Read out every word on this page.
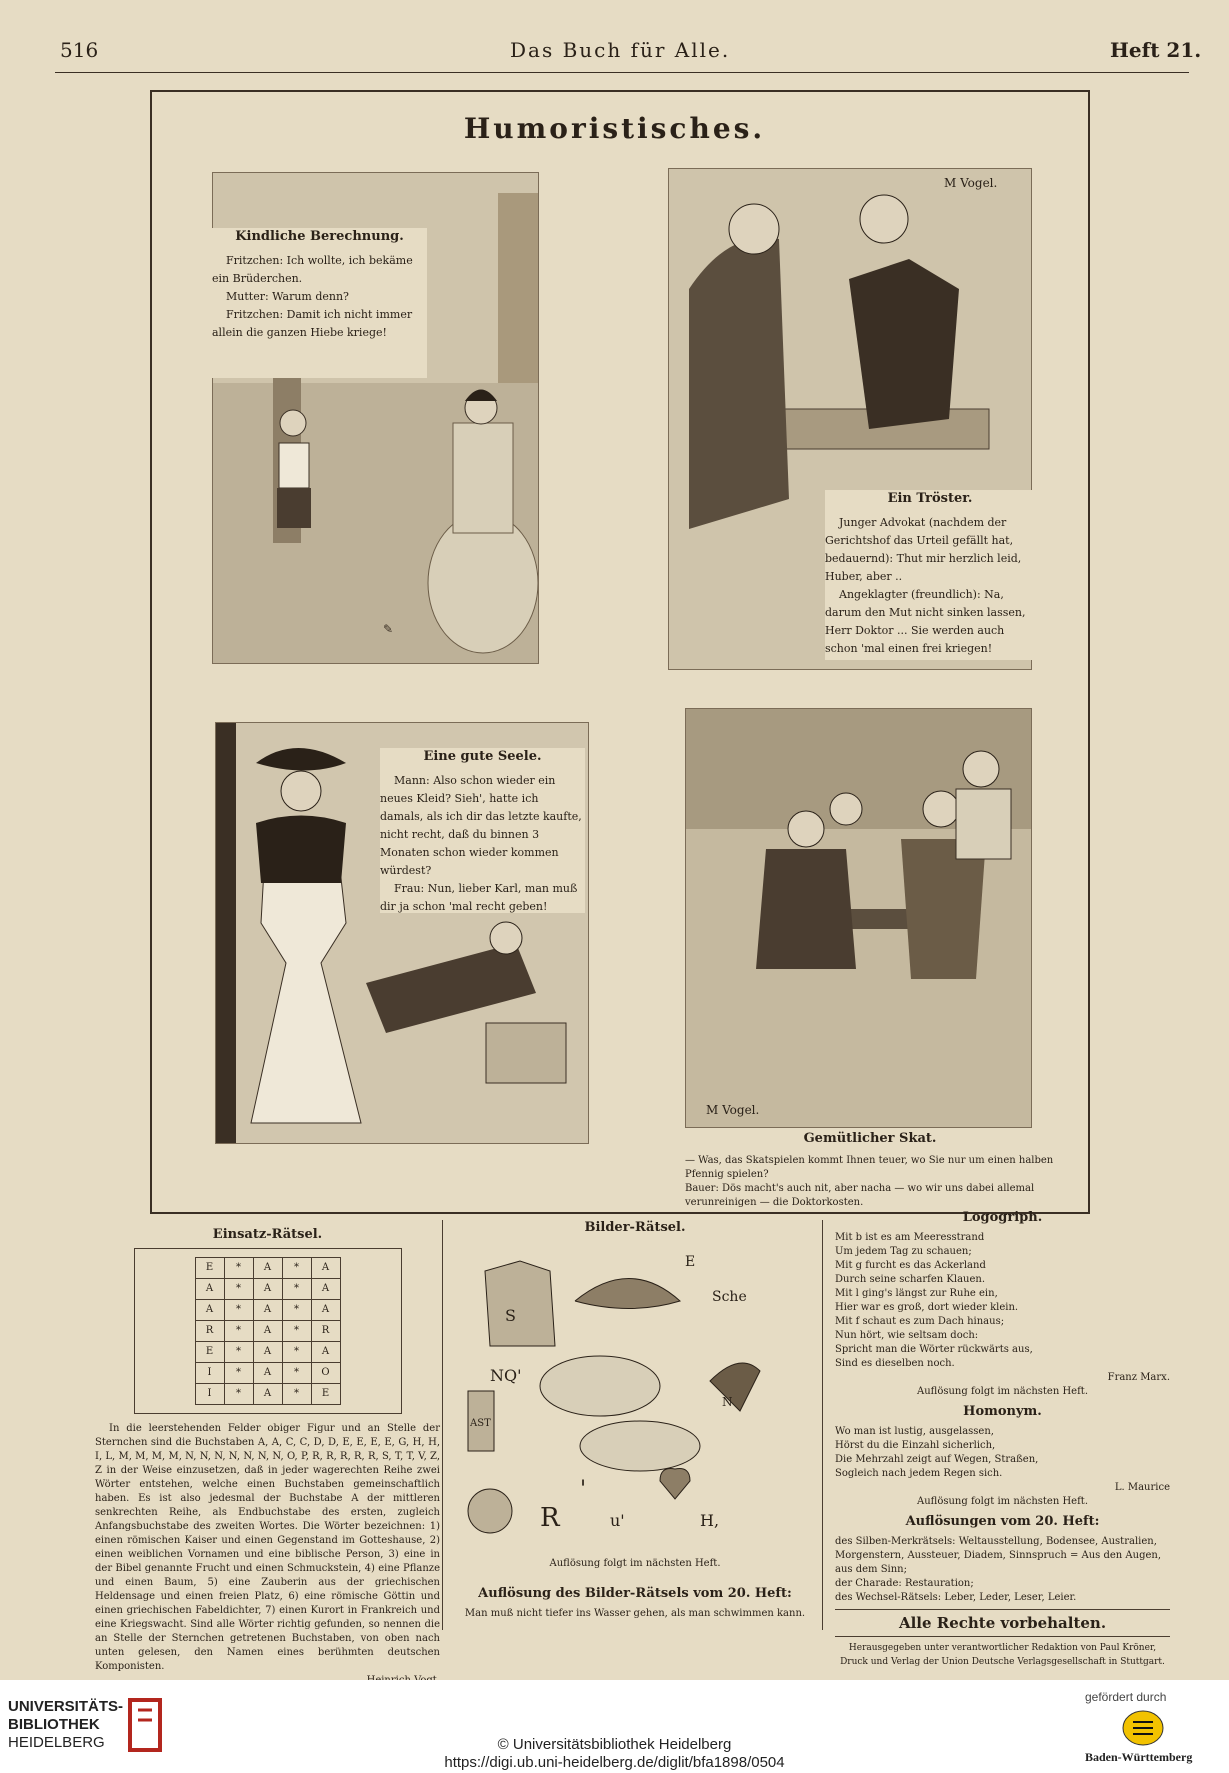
516	Das Buch für Alle.	Heft 21.
Humoristisches.
✎
Kindliche Berechnung.
Fritzchen: Ich wollte, ich bekäme ein Brüderchen.
Mutter: Warum denn?
Fritzchen: Damit ich nicht immer allein die ganzen Hiebe kriege!
M Vogel.
Ein Tröster.
Junger Advokat (nachdem der Gerichtshof das Urteil gefällt hat, bedauernd): Thut mir herzlich leid, Huber, aber ..
Angeklagter (freundlich): Na, darum den Mut nicht sinken lassen, Herr Doktor ... Sie werden auch schon 'mal einen frei kriegen!
Eine gute Seele.
Mann: Also schon wieder ein neues Kleid? Sieh', hatte ich damals, als ich dir das letzte kaufte, nicht recht, daß du binnen 3 Monaten schon wieder kommen würdest?
Frau: Nun, lieber Karl, man muß dir ja schon 'mal recht geben!
M Vogel.
Gemütlicher Skat.
— Was, das Skatspielen kommt Ihnen teuer, wo Sie nur um einen halben Pfennig spielen?
Bauer: Dös macht's auch nit, aber nacha — wo wir uns dabei allemal verunreinigen — die Doktorkosten.
Einsatz-Rätsel.
E	*	A	*	A
A	*	A	*	A
A	*	A	*	A
R	*	A	*	R
E	*	A	*	A
I	*	A	*	O
I	*	A	*	E
In die leerstehenden Felder obiger Figur und an Stelle der Sternchen sind die Buchstaben A, A, C, C, D, D, E, E, E, E, G, H, H, I, L, M, M, M, M, N, N, N, N, N, N, N, O, P, R, R, R, R, R, S, T, T, V, Z, Z in der Weise einzusetzen, daß in jeder wagerechten Reihe zwei Wörter entstehen, welche einen Buchstaben gemeinschaftlich haben. Es ist also jedesmal der Buchstabe A der mittleren senkrechten Reihe, als Endbuchstabe des ersten, zugleich Anfangsbuchstabe des zweiten Wortes. Die Wörter bezeichnen: 1) einen römischen Kaiser und einen Gegenstand im Gotteshause, 2) einen weiblichen Vornamen und eine biblische Person, 3) eine in der Bibel genannte Frucht und einen Schmuckstein, 4) eine Pflanze und einen Baum, 5) eine Zauberin aus der griechischen Heldensage und einen freien Platz, 6) eine römische Göttin und einen griechischen Fabeldichter, 7) einen Kurort in Frankreich und eine Kriegswacht. Sind alle Wörter richtig gefunden, so nennen die an Stelle der Sternchen getretenen Buchstaben, von oben nach unten gelesen, den Namen eines berühmten deutschen Komponisten.
Bilder-Rätsel.
S
E
Sche
NQ'
AST
N
R
'
u'	H,
Auflösung folgt im nächsten Heft.
Auflösung des Bilder-Rätsels vom 20. Heft:
Man muß nicht tiefer ins Wasser gehen, als man schwimmen kann.
Logogriph.
Mit b ist es am Meeresstrand
Um jedem Tag zu schauen;
Mit g furcht es das Ackerland
Durch seine scharfen Klauen.
Mit l ging's längst zur Ruhe ein,
Hier war es groß, dort wieder klein.
Mit f schaut es zum Dach hinaus;
Nun hört, wie seltsam doch:
Spricht man die Wörter rückwärts aus,
Sind es dieselben noch.
Franz Marx.
Auflösung folgt im nächsten Heft.
Homonym.
Wo man ist lustig, ausgelassen,
Hörst du die Einzahl sicherlich,
Die Mehrzahl zeigt auf Wegen, Straßen,
Sogleich nach jedem Regen sich.
L. Maurice
Auflösung folgt im nächsten Heft.
Auflösungen vom 20. Heft:
des Silben-Merkrätsels: Weltausstellung, Bodensee, Australien, Morgenstern, Aussteuer, Diadem, Sinnspruch = Aus den Augen, aus dem Sinn;
der Charade: Restauration;
des Wechsel-Rätsels: Leber, Leder, Leser, Leier.
Alle Rechte vorbehalten.
Herausgegeben unter verantwortlicher Redaktion von Paul Kröner,
Druck und Verlag der Union Deutsche Verlagsgesellschaft in Stuttgart.
UNIVERSITÄTS-
BIBLIOTHEK
HEIDELBERG	© Universitätsbibliothek Heidelberg
https://digi.ub.uni-heidelberg.de/diglit/bfa1898/0504
gefördert durch
Baden-Württemberg
